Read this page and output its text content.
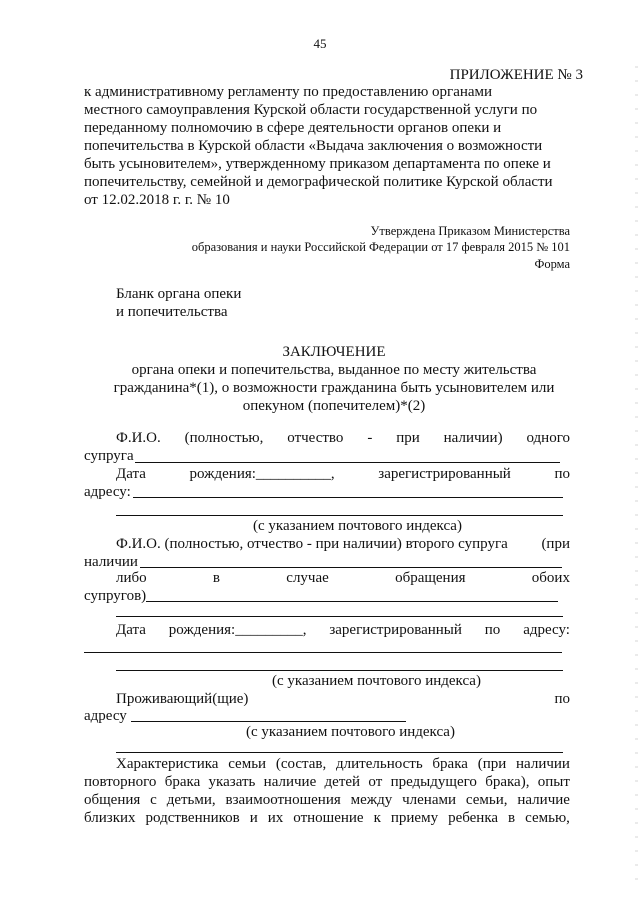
45
ПРИЛОЖЕНИЕ № 3
к административному регламенту по предоставлению органами
местного самоуправления Курской области государственной услуги по
переданному полномочию в сфере деятельности органов опеки и
попечительства в Курской области «Выдача заключения о возможности
быть усыновителем», утвержденному приказом департамента по опеке и
попечительству, семейной и демографической политике Курской области
от 12.02.2018 г. г. № 10
Утверждена Приказом Министерства
образования и науки Российской Федерации от 17 февраля 2015 № 101
Форма
Бланк органа опеки
и попечительства
ЗАКЛЮЧЕНИЕ
органа опеки и попечительства, выданное по месту жительства
гражданина*(1), о возможности гражданина быть усыновителем или
опекуном (попечителем)*(2)
Ф.И.О. (полностью, отчество - при наличии) одного
супруга
Дата	рождения:__________,	зарегистрированный	по
адресу:
(с указанием почтового индекса)
Ф.И.О. (полностью, отчество - при наличии) второго супруга (при
наличии
либо	в	случае	обращения	обоих
супругов)
Дата рождения:_________, зарегистрированный по адресу:
(с указанием почтового индекса)
Проживающий(щие)	по
адресу
(с указанием почтового индекса)
Характеристика семьи (состав, длительность брака (при наличии
повторного брака указать наличие детей от предыдущего брака), опыт
общения с детьми, взаимоотношения между членами семьи, наличие
близких родственников и их отношение к приему ребенка в семью,
